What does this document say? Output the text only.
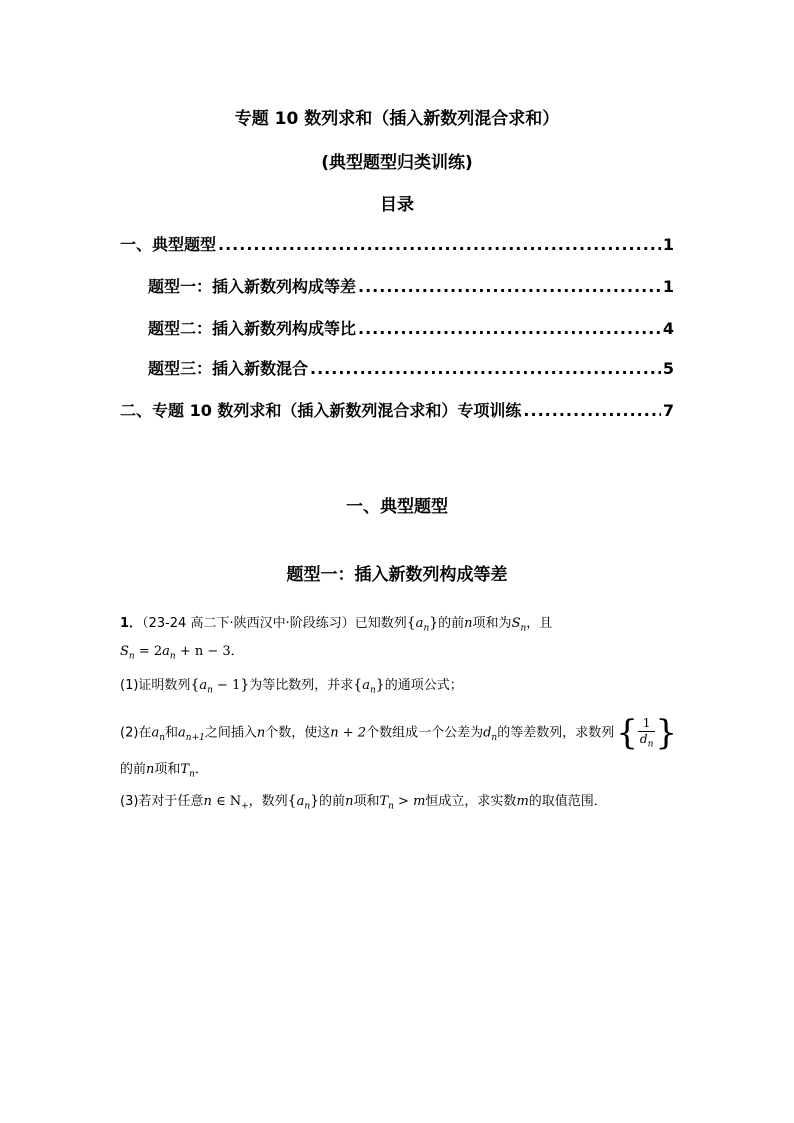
专题 10 数列求和（插入新数列混合求和）
(典型题型归类训练)
目录
一、典型题型 .....	1
题型一：插入新数列构成等差 .....	1
题型二：插入新数列构成等比 .....	4
题型三：插入新数混合 .....	5
二、专题 10 数列求和（插入新数列混合求和）专项训练 .....	7
一、典型题型
题型一：插入新数列构成等差
1．（23-24 高二下·陕西汉中·阶段练习）已知数列$\{a_n\}$的前n项和为$S_n$，且
$S_n = 2a_n + n - 3$．
(1)证明数列$\{a_n - 1\}$为等比数列，并求$\{a_n\}$的通项公式；
(2)在$a_n$和$a_{n+1}$之间插入n个数，使这n + 2个数组成一个公差为$d_n$的等差数列，求数列{ $\frac{1}{d_n}$ }
的前n项和$T_n$．
(3)若对于任意n ∈ $N_+$，数列$\{a_n\}$的前n项和$T_n > m$恒成立，求实数m的取值范围．
